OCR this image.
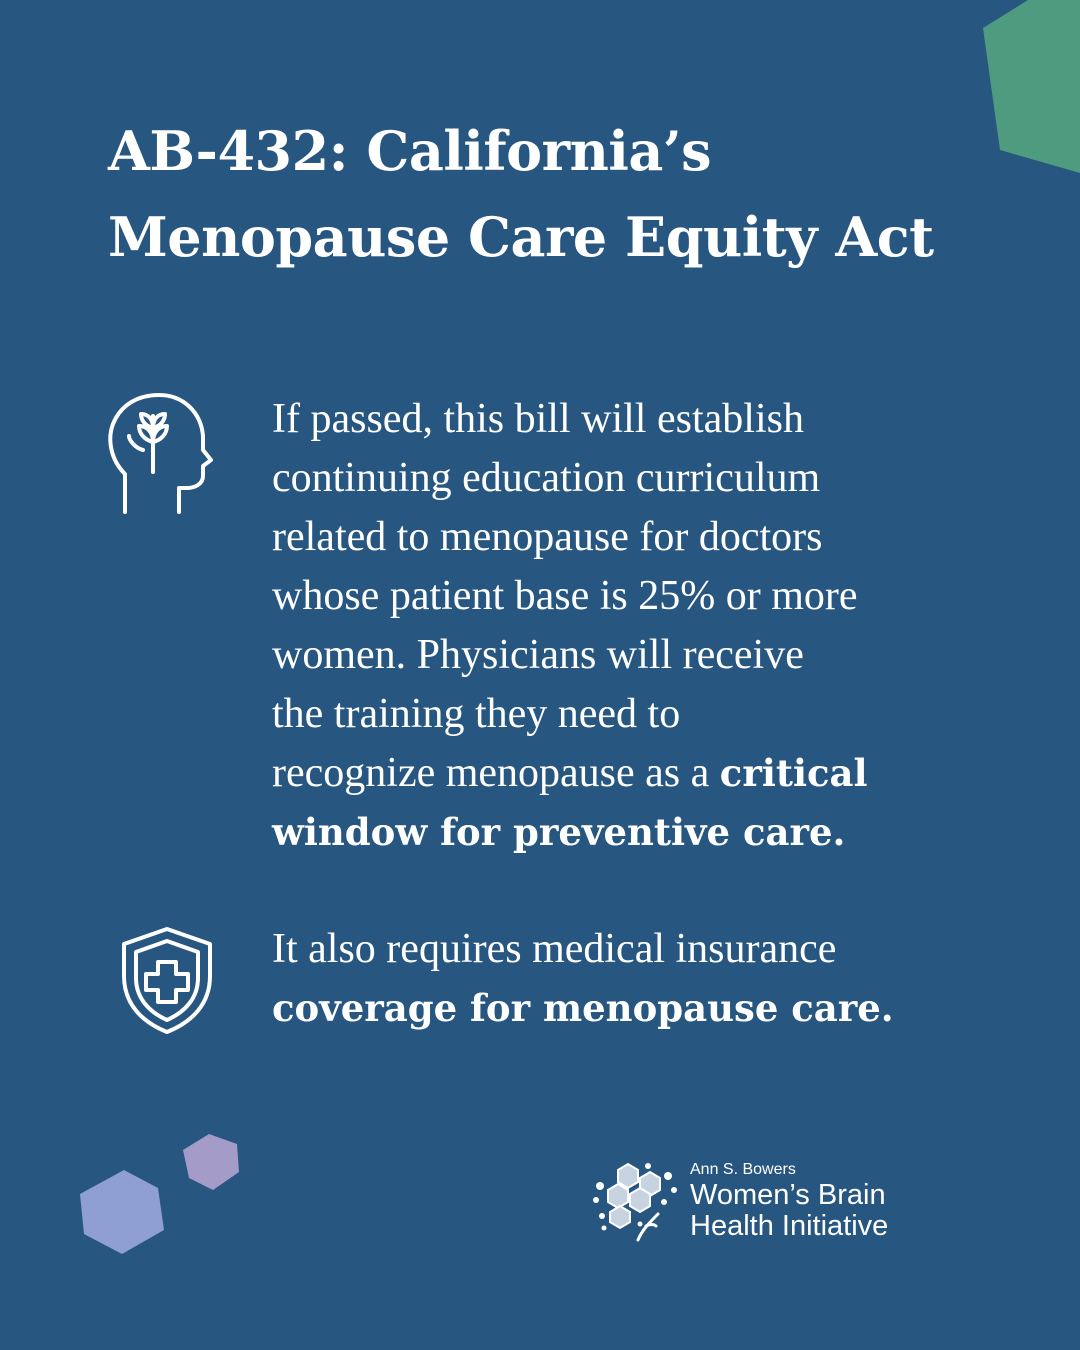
AB-432: California’s
Menopause Care Equity Act

If passed, this bill will establish
continuing education curriculum
related to menopause for doctors
whose patient base is 25% or more
women. Physicians will receive
the training they need to
recognize menopause as a critical
window for preventive care.

It also requires medical insurance
coverage for menopause care.

Ann S. Bowers
Women’s Brain
Health Initiative
